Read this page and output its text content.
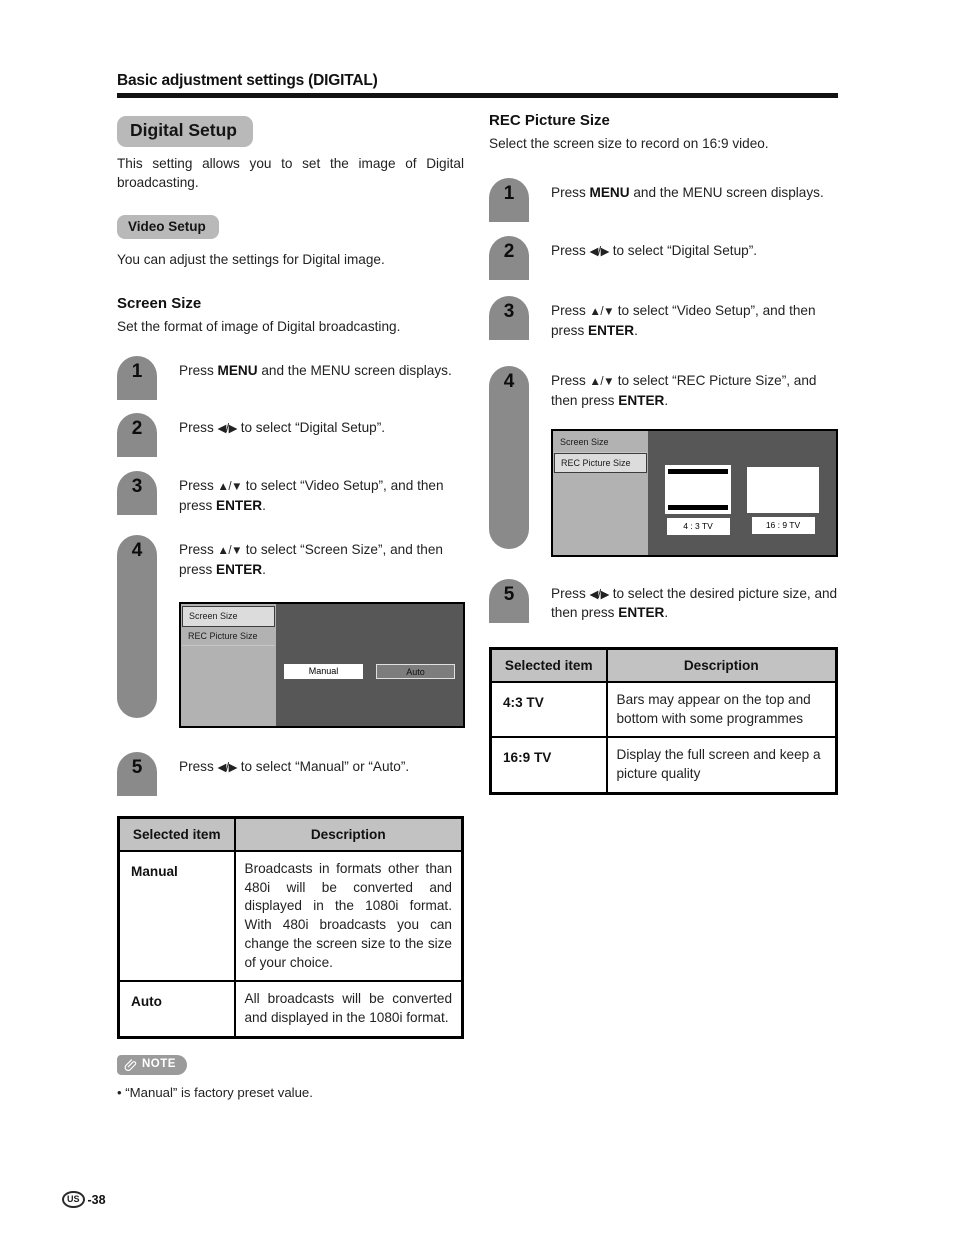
Basic adjustment settings (DIGITAL)
Digital Setup

This setting allows you to set the image of Digital broadcasting.

Video Setup

You can adjust the settings for Digital image.

Screen Size

Set the format of image of Digital broadcasting.

1	Press MENU and the MENU screen displays.
2	Press ◀/▶ to select “Digital Setup”.
3	Press ▲/▼ to select “Video Setup”, and then press ENTER.
4	Press ▲/▼ to select “Screen Size”, and then press ENTER.
Screen Size
REC Picture Size
Manual	Auto
5	Press ◀/▶ to select “Manual” or “Auto”.
Selected item	Description
Manual	Broadcasts in formats other than 480i will be converted and displayed in the 1080i format. With 480i broadcasts you can change the screen size to the size of your choice.
Auto	All broadcasts will be converted and displayed in the 1080i format.
NOTE
• “Manual” is factory preset value.
REC Picture Size

Select the screen size to record on 16:9 video.

1	Press MENU and the MENU screen displays.
2	Press ◀/▶ to select “Digital Setup”.
3	Press ▲/▼ to select “Video Setup”, and then press ENTER.
4	Press ▲/▼ to select “REC Picture Size”, and then press ENTER.
Screen Size
REC Picture Size
4 : 3 TV	16 : 9 TV
5	Press ◀/▶ to select the desired picture size, and then press ENTER.
Selected item	Description
4:3 TV	Bars may appear on the top and bottom with some programmes
16:9 TV	Display the full screen and keep a picture quality
US -38
